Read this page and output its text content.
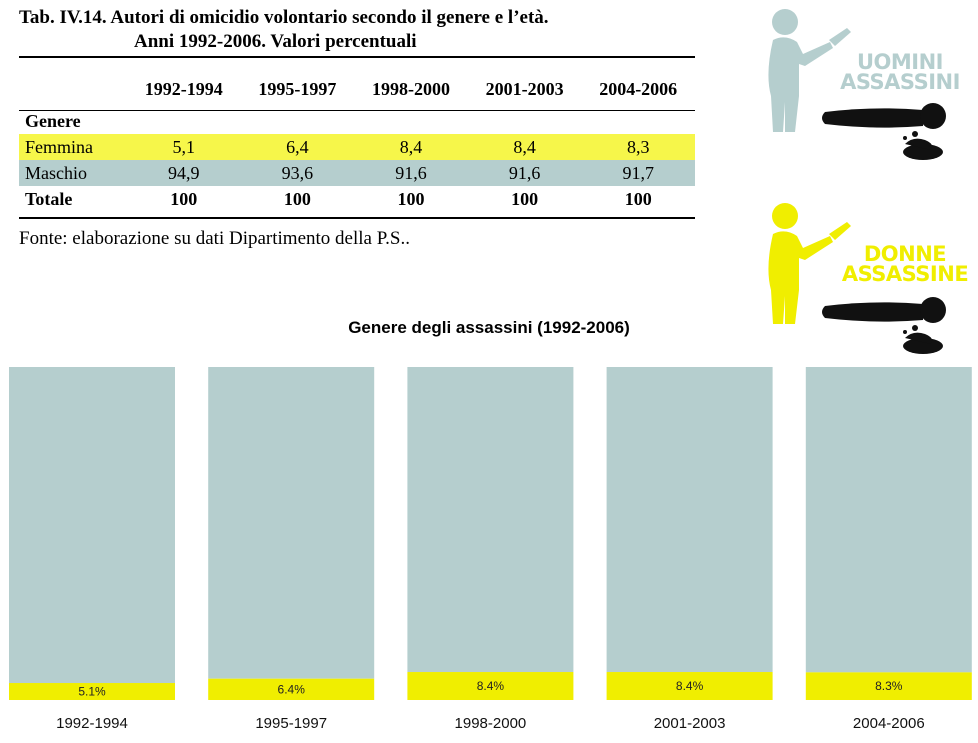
Tab. IV.14. Autori di omicidio volontario secondo il genere e l’età.
Anni 1992-2006. Valori percentuali
	1992-1994	1995-1997	1998-2000	2001-2003	2004-2006
Genere					
Femmina	5,1	6,4	8,4	8,4	8,3
Maschio	94,9	93,6	91,6	91,6	91,7
Totale	100	100	100	100	100

Fonte: elaborazione su dati Dipartimento della P.S..

UOMINI
ASSASSINI
DONNE
ASSASSINE

Genere degli assassini (1992-2006)

5.1%
1992-1994
6.4%
1995-1997
8.4%
1998-2000
8.4%
2001-2003
8.3%
2004-2006
